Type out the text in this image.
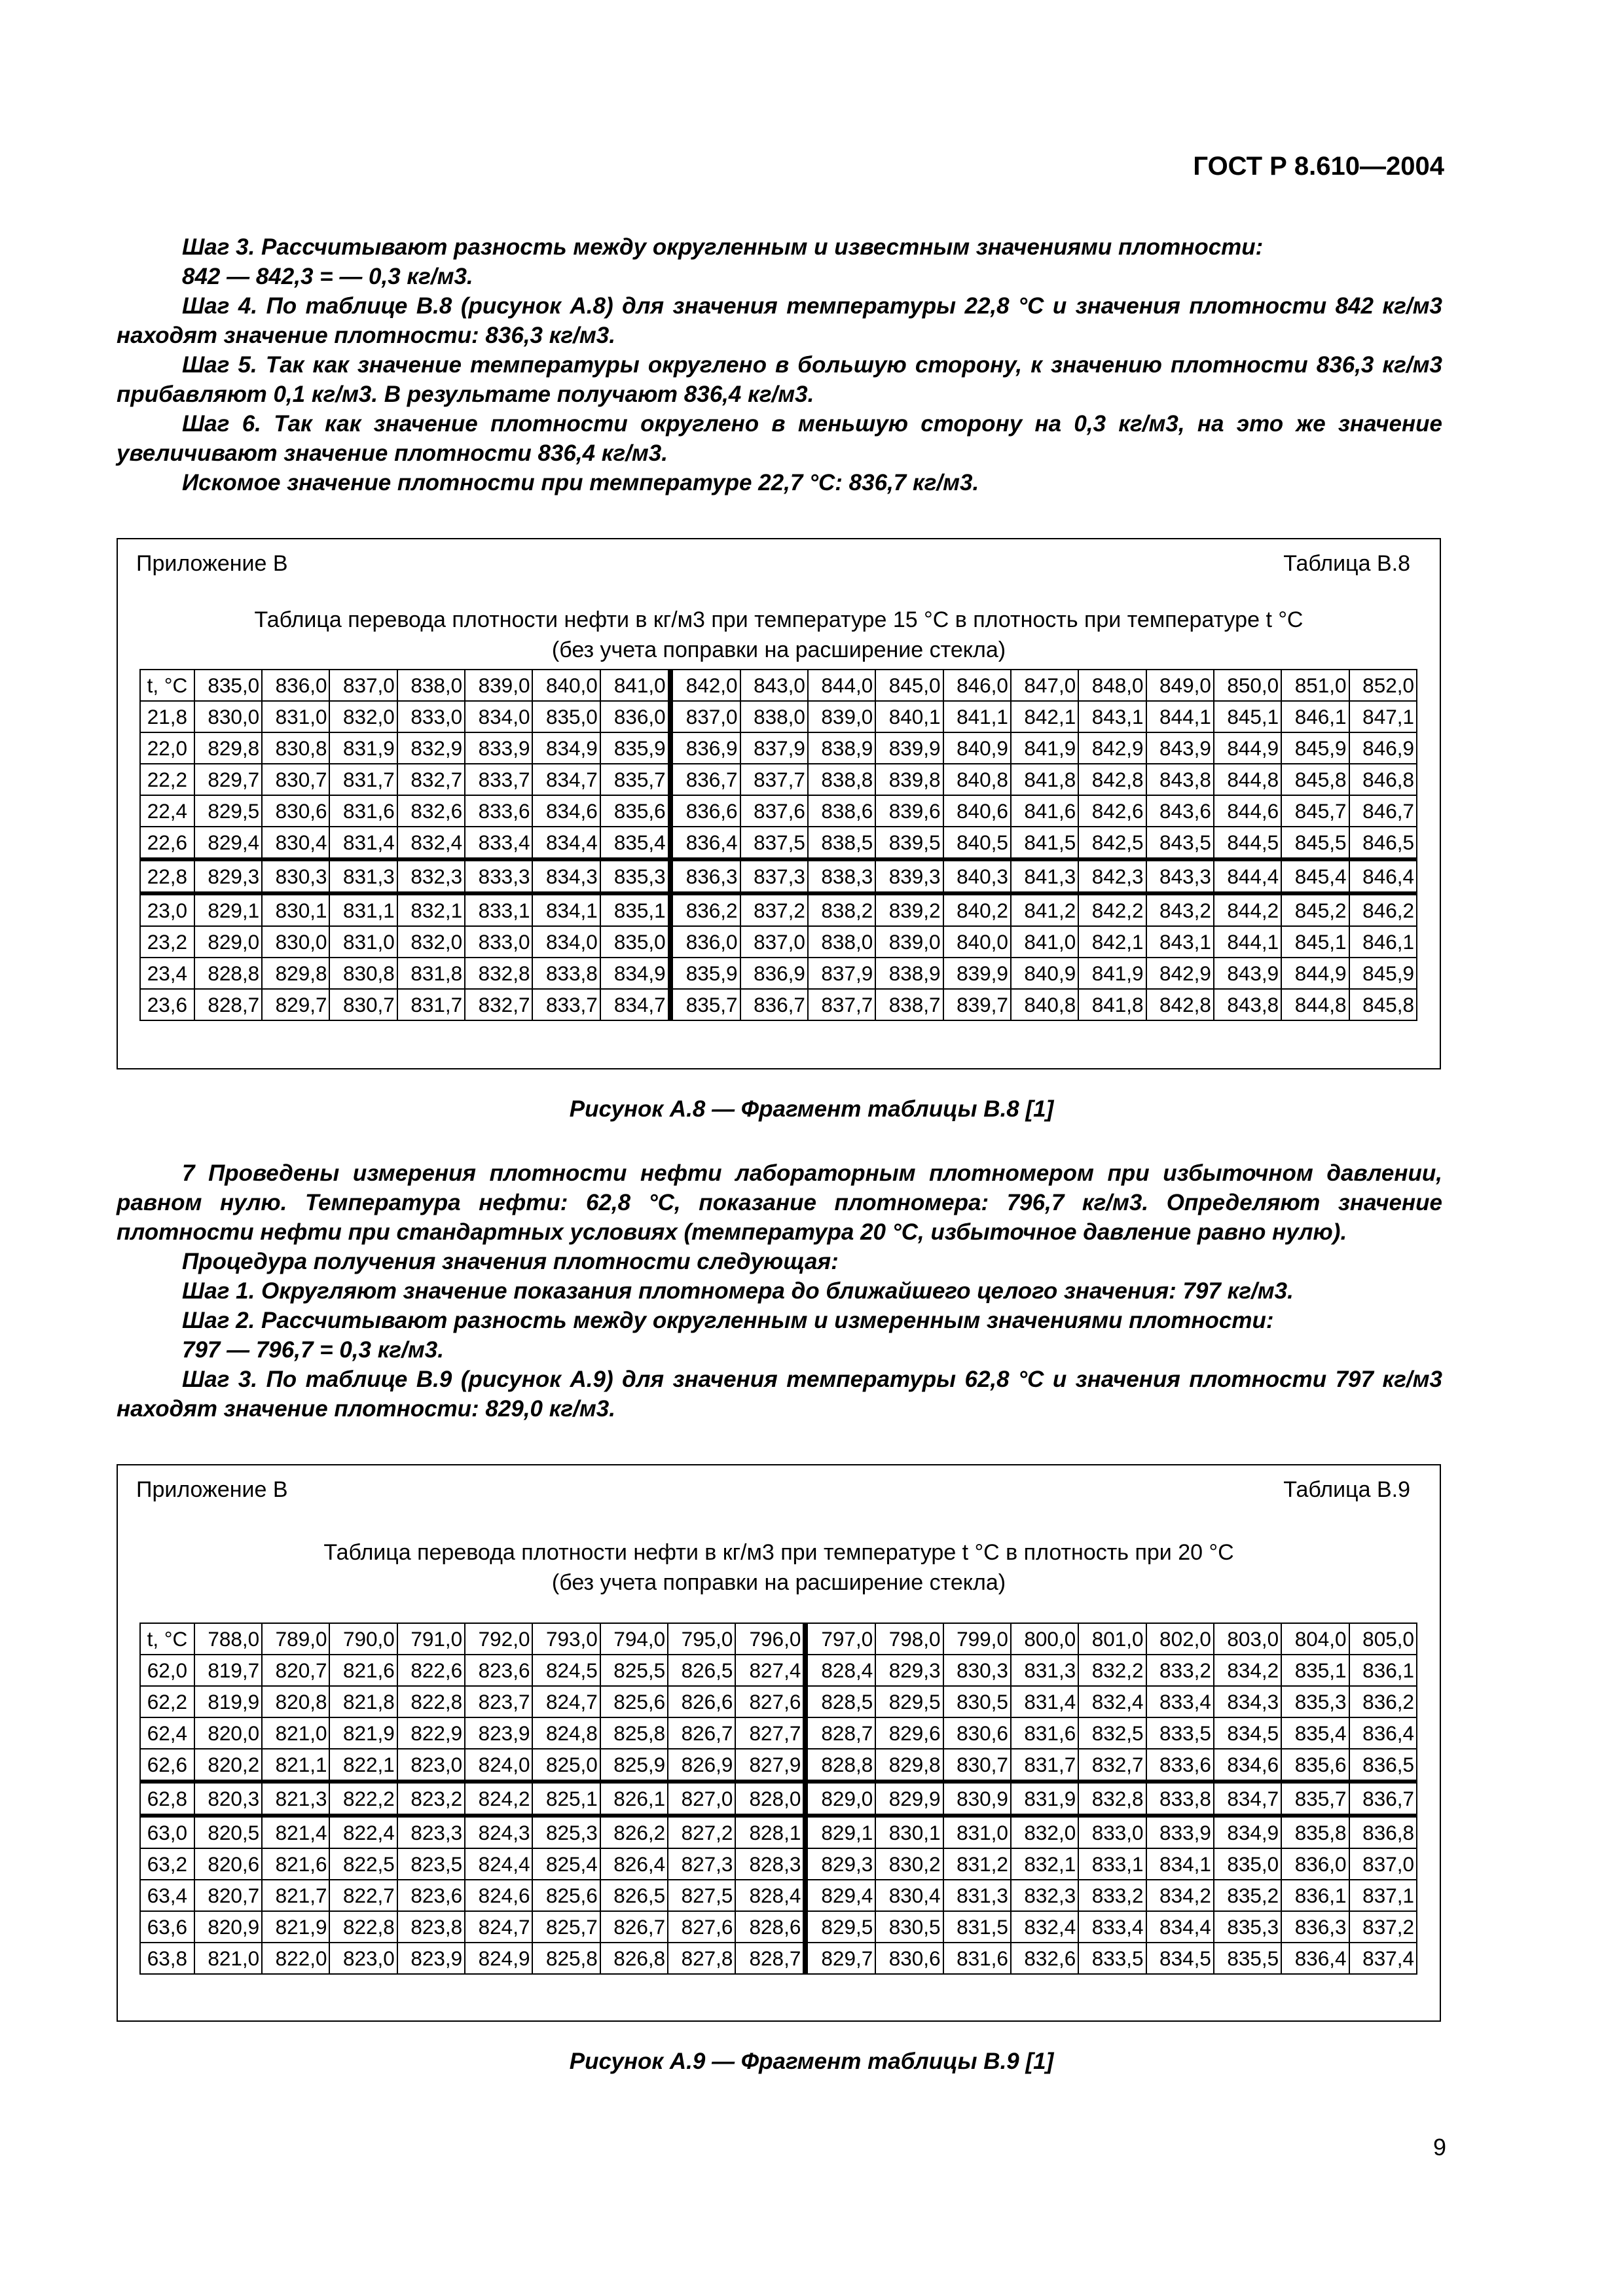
ГОСТ Р 8.610—2004

Шаг 3. Рассчитывают разность между округленным и известным значениями плотности:

842 — 842,3 = — 0,3 кг/м3.

Шаг 4. По таблице В.8 (рисунок А.8) для значения температуры 22,8 °С и значения плотности 842 кг/м3 находят значение плотности: 836,3 кг/м3.

Шаг 5. Так как значение температуры округлено в большую сторону, к значению плотности 836,3 кг/м3 прибавляют 0,1 кг/м3. В результате получают 836,4 кг/м3.

Шаг 6. Так как значение плотности округлено в меньшую сторону на 0,3 кг/м3, на это же значение увеличивают значение плотности 836,4 кг/м3.

Искомое значение плотности при температуре 22,7 °С: 836,7 кг/м3.

Приложение В	Таблица В.8
Таблица перевода плотности нефти в кг/м3 при температуре 15 °С в плотность при температуре t °С
(без учета поправки на расширение стекла)
t, °С	835,0	836,0	837,0	838,0	839,0	840,0	841,0	842,0	843,0	844,0	845,0	846,0	847,0	848,0	849,0	850,0	851,0	852,0
21,8	830,0	831,0	832,0	833,0	834,0	835,0	836,0	837,0	838,0	839,0	840,1	841,1	842,1	843,1	844,1	845,1	846,1	847,1
22,0	829,8	830,8	831,9	832,9	833,9	834,9	835,9	836,9	837,9	838,9	839,9	840,9	841,9	842,9	843,9	844,9	845,9	846,9
22,2	829,7	830,7	831,7	832,7	833,7	834,7	835,7	836,7	837,7	838,8	839,8	840,8	841,8	842,8	843,8	844,8	845,8	846,8
22,4	829,5	830,6	831,6	832,6	833,6	834,6	835,6	836,6	837,6	838,6	839,6	840,6	841,6	842,6	843,6	844,6	845,7	846,7
22,6	829,4	830,4	831,4	832,4	833,4	834,4	835,4	836,4	837,5	838,5	839,5	840,5	841,5	842,5	843,5	844,5	845,5	846,5
22,8	829,3	830,3	831,3	832,3	833,3	834,3	835,3	836,3	837,3	838,3	839,3	840,3	841,3	842,3	843,3	844,4	845,4	846,4
23,0	829,1	830,1	831,1	832,1	833,1	834,1	835,1	836,2	837,2	838,2	839,2	840,2	841,2	842,2	843,2	844,2	845,2	846,2
23,2	829,0	830,0	831,0	832,0	833,0	834,0	835,0	836,0	837,0	838,0	839,0	840,0	841,0	842,1	843,1	844,1	845,1	846,1
23,4	828,8	829,8	830,8	831,8	832,8	833,8	834,9	835,9	836,9	837,9	838,9	839,9	840,9	841,9	842,9	843,9	844,9	845,9
23,6	828,7	829,7	830,7	831,7	832,7	833,7	834,7	835,7	836,7	837,7	838,7	839,7	840,8	841,8	842,8	843,8	844,8	845,8
Рисунок А.8 — Фрагмент таблицы В.8 [1]

7 Проведены измерения плотности нефти лабораторным плотномером при избыточном давлении, равном нулю. Температура нефти: 62,8 °С, показание плотномера: 796,7 кг/м3. Определяют значение плотности нефти при стандартных условиях (температура 20 °С, избыточное давление равно нулю).

Процедура получения значения плотности следующая:

Шаг 1. Округляют значение показания плотномера до ближайшего целого значения: 797 кг/м3.

Шаг 2. Рассчитывают разность между округленным и измеренным значениями плотности:

797 — 796,7 = 0,3 кг/м3.

Шаг 3. По таблице В.9 (рисунок А.9) для значения температуры 62,8 °С и значения плотности 797 кг/м3 находят значение плотности: 829,0 кг/м3.

Приложение В	Таблица В.9
Таблица перевода плотности нефти в кг/м3 при температуре t °С в плотность при 20 °С
(без учета поправки на расширение стекла)
t, °С	788,0	789,0	790,0	791,0	792,0	793,0	794,0	795,0	796,0	797,0	798,0	799,0	800,0	801,0	802,0	803,0	804,0	805,0
62,0	819,7	820,7	821,6	822,6	823,6	824,5	825,5	826,5	827,4	828,4	829,3	830,3	831,3	832,2	833,2	834,2	835,1	836,1
62,2	819,9	820,8	821,8	822,8	823,7	824,7	825,6	826,6	827,6	828,5	829,5	830,5	831,4	832,4	833,4	834,3	835,3	836,2
62,4	820,0	821,0	821,9	822,9	823,9	824,8	825,8	826,7	827,7	828,7	829,6	830,6	831,6	832,5	833,5	834,5	835,4	836,4
62,6	820,2	821,1	822,1	823,0	824,0	825,0	825,9	826,9	827,9	828,8	829,8	830,7	831,7	832,7	833,6	834,6	835,6	836,5
62,8	820,3	821,3	822,2	823,2	824,2	825,1	826,1	827,0	828,0	829,0	829,9	830,9	831,9	832,8	833,8	834,7	835,7	836,7
63,0	820,5	821,4	822,4	823,3	824,3	825,3	826,2	827,2	828,1	829,1	830,1	831,0	832,0	833,0	833,9	834,9	835,8	836,8
63,2	820,6	821,6	822,5	823,5	824,4	825,4	826,4	827,3	828,3	829,3	830,2	831,2	832,1	833,1	834,1	835,0	836,0	837,0
63,4	820,7	821,7	822,7	823,6	824,6	825,6	826,5	827,5	828,4	829,4	830,4	831,3	832,3	833,2	834,2	835,2	836,1	837,1
63,6	820,9	821,9	822,8	823,8	824,7	825,7	826,7	827,6	828,6	829,5	830,5	831,5	832,4	833,4	834,4	835,3	836,3	837,2
63,8	821,0	822,0	823,0	823,9	824,9	825,8	826,8	827,8	828,7	829,7	830,6	831,6	832,6	833,5	834,5	835,5	836,4	837,4
Рисунок А.9 — Фрагмент таблицы В.9 [1]
9
